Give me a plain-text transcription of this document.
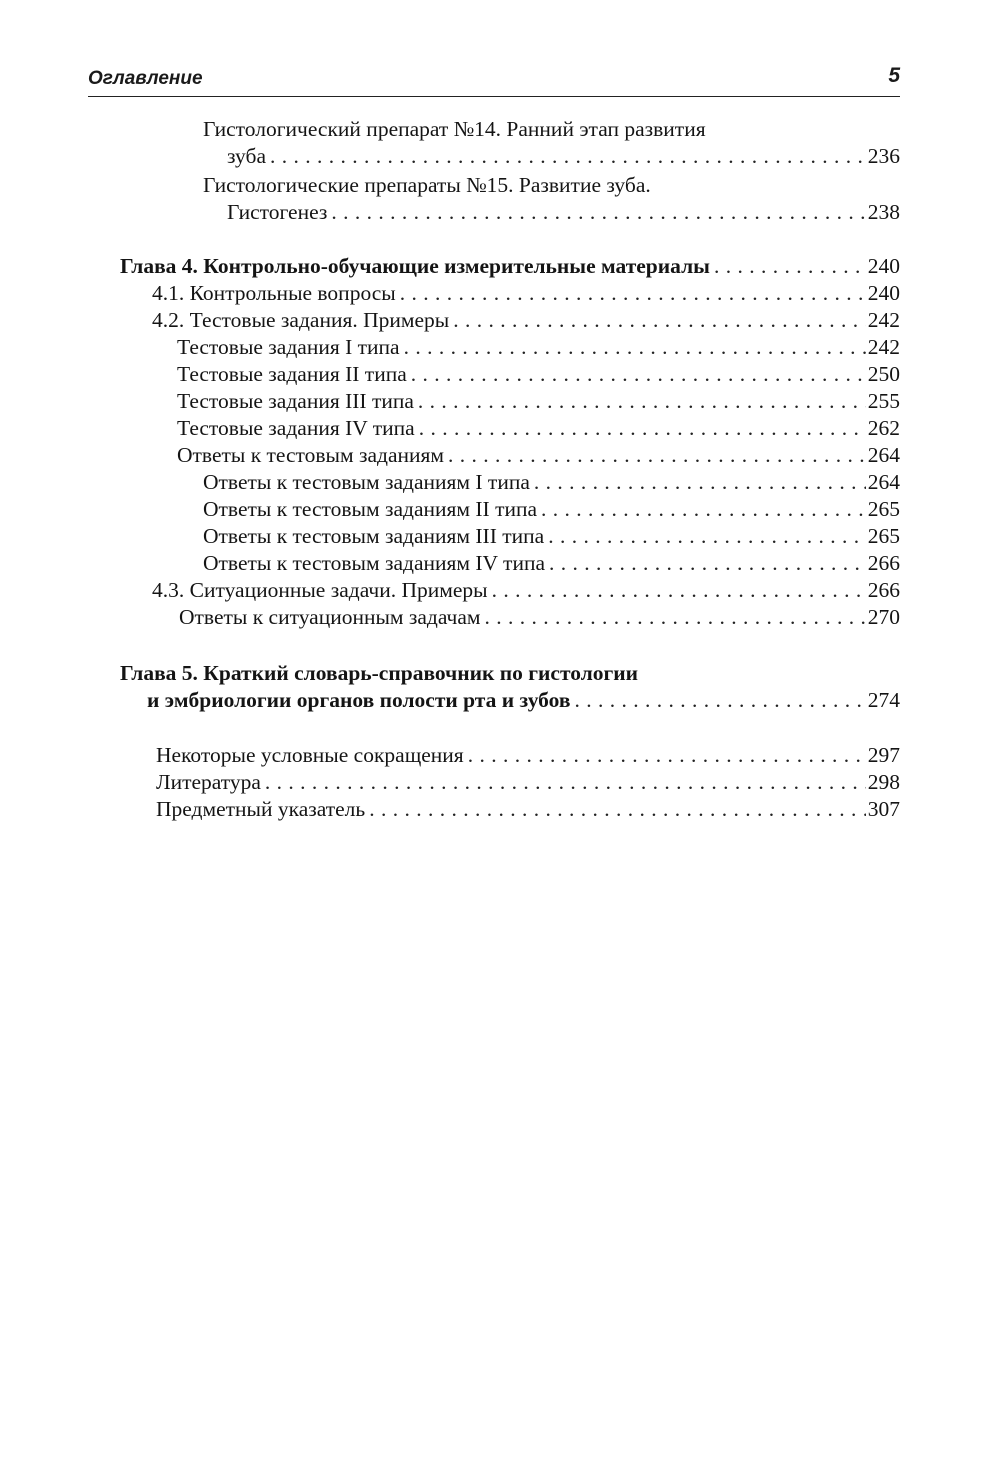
Оглавление	5
Гистологический препарат №14. Ранний этап развития
зуба . . .	236
Гистологические препараты №15. Развитие зуба.
Гистогенез . . .	238
Глава 4. Контрольно-обучающие измерительные материалы . . .	240
4.1. Контрольные вопросы . . .	240
4.2. Тестовые задания. Примеры . . .	242
Тестовые задания I типа . . .	242
Тестовые задания II типа . . .	250
Тестовые задания III типа . . .	255
Тестовые задания IV типа . . .	262
Ответы к тестовым заданиям . . .	264
Ответы к тестовым заданиям I типа . . .	264
Ответы к тестовым заданиям II типа . . .	265
Ответы к тестовым заданиям III типа . . .	265
Ответы к тестовым заданиям IV типа . . .	266
4.3. Ситуационные задачи. Примеры . . .	266
Ответы к ситуационным задачам . . .	270
Глава 5. Краткий словарь-справочник по гистологии
и эмбриологии органов полости рта и зубов . . .	274
Некоторые условные сокращения . . .	297
Литература . . .	298
Предметный указатель . . .	307
